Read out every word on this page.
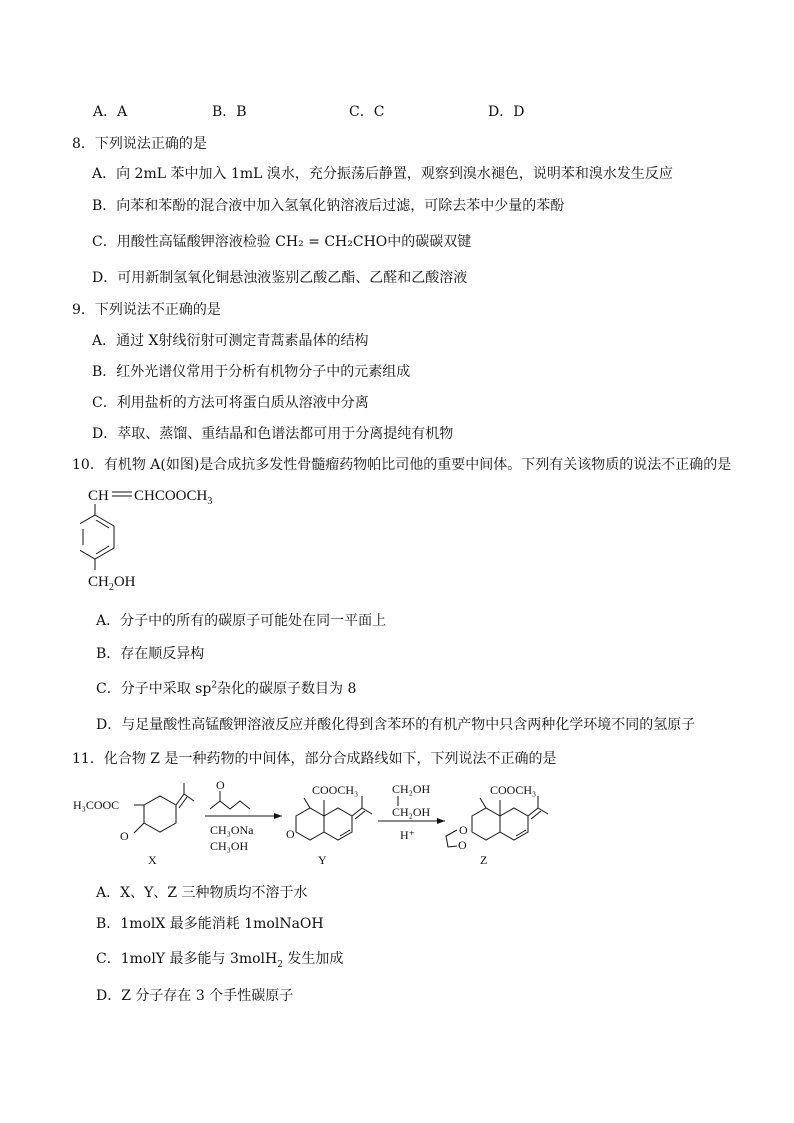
A．A	B．B	C．C	D．D
8．下列说法正确的是
A．向 2mL 苯中加入 1mL 溴水，充分振荡后静置，观察到溴水褪色，说明苯和溴水发生反应
B．向苯和苯酚的混合液中加入氢氧化钠溶液后过滤，可除去苯中少量的苯酚
C．用酸性高锰酸钾溶液检验 CH₂ = CH₂CHO中的碳碳双键
D．可用新制氢氧化铜悬浊液鉴别乙酸乙酯、乙醛和乙酸溶液
9．下列说法不正确的是
A．通过 X射线衍射可测定青蒿素晶体的结构
B．红外光谱仪常用于分析有机物分子中的元素组成
C．利用盐析的方法可将蛋白质从溶液中分离
D．萃取、蒸馏、重结晶和色谱法都可用于分离提纯有机物
10．有机物 A(如图)是合成抗多发性骨髓瘤药物帕比司他的重要中间体。下列有关该物质的说法不正确的是
CH $CHCOOCH_3$
$CH_2OH$
A．分子中的所有的碳原子可能处在同一平面上
B．存在顺反异构
C．分子中采取 $sp^2$杂化的碳原子数目为 8
D．与足量酸性高锰酸钾溶液反应并酸化得到含苯环的有机产物中只含两种化学环境不同的氢原子
11．化合物 Z 是一种药物的中间体，部分合成路线如下，下列说法不正确的是
H₃COOC
O
X
O
CH₃ONa
CH₃OH
COOCH₃
O
Y
CH₂OH
CH₂OH
H⁺
COOCH₃
O
O
Z
A．X、Y、Z 三种物质均不溶于水
B．1molX 最多能消耗 1molNaOH
C．1molY 最多能与 3molH$_2$ 发生加成
D．Z 分子存在 3 个手性碳原子
